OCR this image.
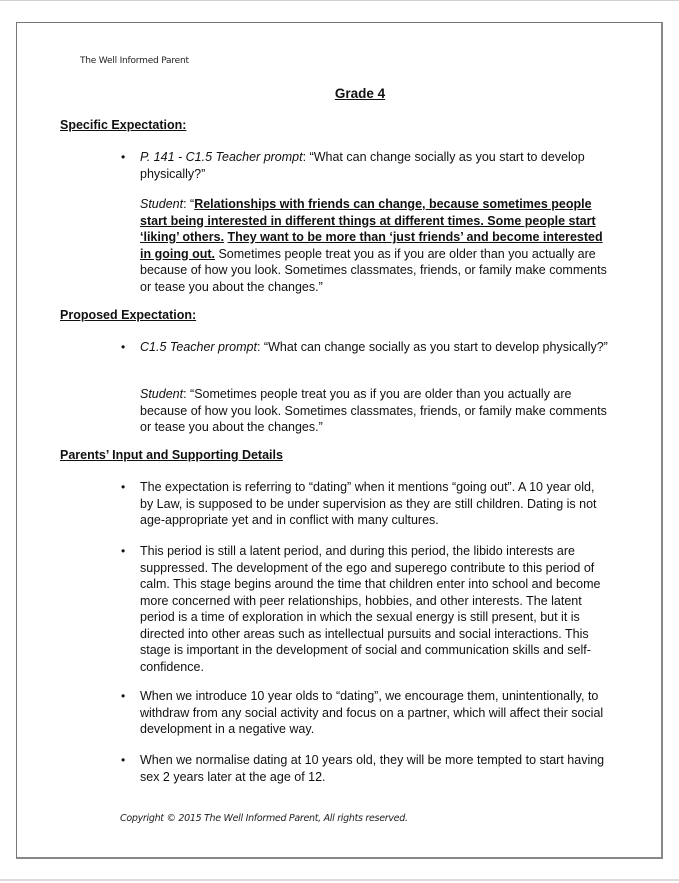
The Well Informed Parent
Grade 4
Specific Expectation:
•	P. 141 - C1.5 Teacher prompt: “What can change socially as you start to develop physically?”
Student: “Relationships with friends can change, because sometimes people start being interested in different things at different times. Some people start ‘liking’ others. They want to be more than ‘just friends’ and become interested in going out. Sometimes people treat you as if you are older than you actually are because of how you look. Sometimes classmates, friends, or family make comments or tease you about the changes.”
Proposed Expectation:
•	C1.5 Teacher prompt: “What can change socially as you start to develop physically?”
Student: “Sometimes people treat you as if you are older than you actually are because of how you look. Sometimes classmates, friends, or family make comments or tease you about the changes.”
Parents’ Input and Supporting Details
•	The expectation is referring to “dating” when it mentions “going out”. A 10 year old, by Law, is supposed to be under supervision as they are still children. Dating is not age-appropriate yet and in conflict with many cultures.
•	This period is still a latent period, and during this period, the libido interests are suppressed. The development of the ego and superego contribute to this period of calm. This stage begins around the time that children enter into school and become more concerned with peer relationships, hobbies, and other interests. The latent period is a time of exploration in which the sexual energy is still present, but it is directed into other areas such as intellectual pursuits and social interactions. This stage is important in the development of social and communication skills and self-confidence.
•	When we introduce 10 year olds to “dating”, we encourage them, unintentionally, to withdraw from any social activity and focus on a partner, which will affect their social development in a negative way.
•	When we normalise dating at 10 years old, they will be more tempted to start having sex 2 years later at the age of 12.
Copyright © 2015 The Well Informed Parent, All rights reserved.
